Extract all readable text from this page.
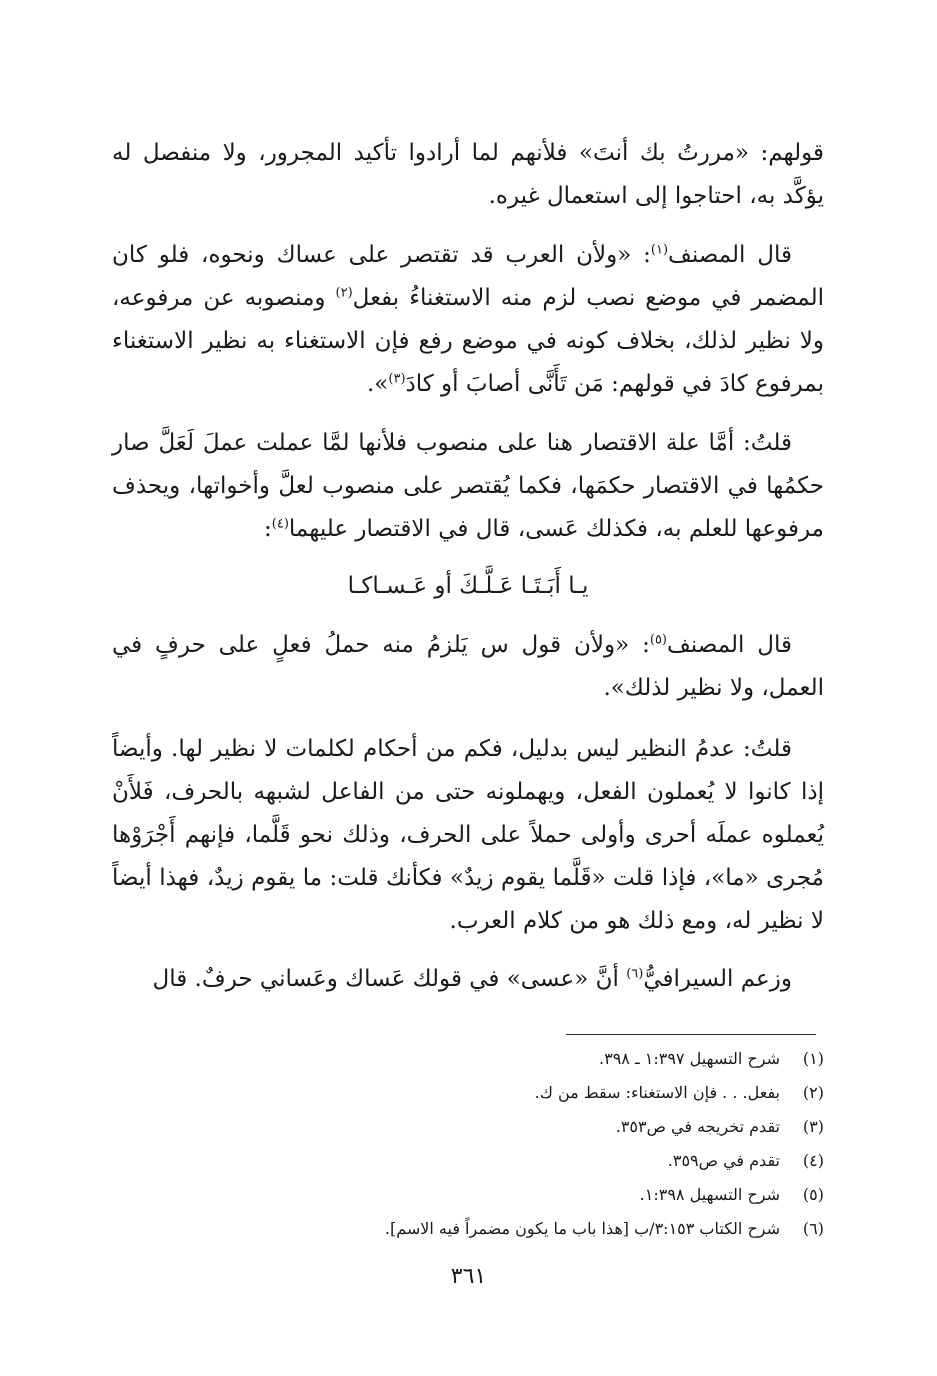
قولهم: «مررتُ بك أنتَ» فلأنهم لما أرادوا تأكيد المجرور، ولا منفصل له يؤكَّد به، احتاجوا إلى استعمال غيره.

قال المصنف$^{(١)}$: «ولأن العرب قد تقتصر على عساك ونحوه، فلو كان المضمر في موضع نصب لزم منه الاستغناءُ بفعل$^{(٢)}$ ومنصوبه عن مرفوعه، ولا نظير لذلك، بخلاف كونه في موضع رفع فإن الاستغناء به نظير الاستغناء بمرفوع كادَ في قولهم: مَن تَأَنَّى أصابَ أو كادَ$^{(٣)}$».

قلتُ: أمَّا علة الاقتصار هنا على منصوب فلأنها لمَّا عملت عملَ لَعَلَّ صار حكمُها في الاقتصار حكمَها، فكما يُقتصر على منصوب لعلَّ وأخواتها، ويحذف مرفوعها للعلم به، فكذلك عَسى، قال في الاقتصار عليهما$^{(٤)}$:

يـا أَبَـتَـا عَـلَّـكَ أو عَـسـاكـا

قال المصنف$^{(٥)}$: «ولأن قول س يَلزمُ منه حملُ فعلٍ على حرفٍ في العمل، ولا نظير لذلك».

قلتُ: عدمُ النظير ليس بدليل، فكم من أحكام لكلمات لا نظير لها. وأيضاً إذا كانوا لا يُعملون الفعل، ويهملونه حتى من الفاعل لشبهه بالحرف، فَلأَنْ يُعملوه عملَه أحرى وأولى حملاً على الحرف، وذلك نحو قَلَّما، فإنهم أَجْرَوْها مُجرى «ما»، فإذا قلت «قَلَّما يقوم زيدٌ» فكأنك قلت: ما يقوم زيدٌ، فهذا أيضاً لا نظير له، ومع ذلك هو من كلام العرب.

وزعم السيرافيُّ$^{(٦)}$ أنَّ «عسى» في قولك عَساك وعَساني حرفٌ. قال

(١)
شرح التسهيل ١:٣٩٧ ـ ٣٩٨.
(٢)
بفعل. . . فإن الاستغناء: سقط من ك.
(٣)
تقدم تخريجه في ص٣٥٣.
(٤)
تقدم في ص٣٥٩.
(٥)
شرح التسهيل ١:٣٩٨.
(٦)
شرح الكتاب ٣:١٥٣/ب [هذا باب ما يكون مضمراً فيه الاسم].
٣٦١
